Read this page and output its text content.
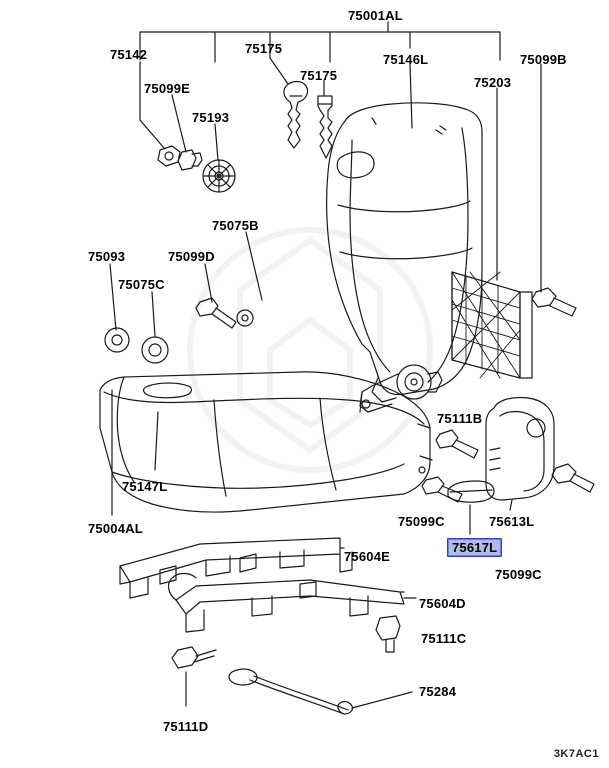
75001AL
75142	75175
75146L	75099B
75099E
75175	75203
75193
75075B
75093	75099D
75075C
75111B
75147L
75099C	75613L
75004AL
75617L
75604E
75099C
75604D
75111C
75284
75111D
3K7AC1
